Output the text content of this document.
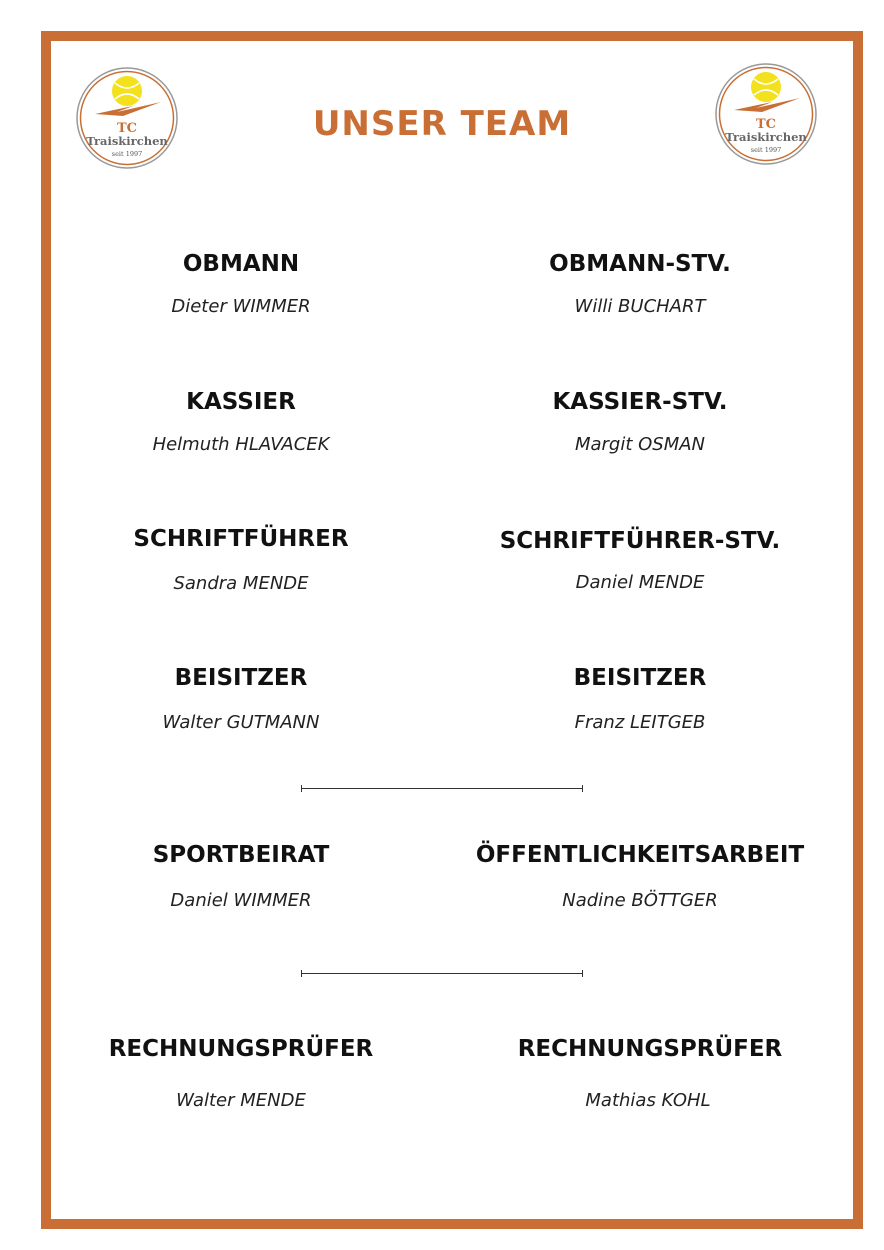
TC
Traiskirchen
seit 1997
TC
Traiskirchen
seit 1997
UNSER TEAM
OBMANN

Dieter WIMMER

OBMANN-STV.

Willi BUCHART

KASSIER

Helmuth HLAVACEK

KASSIER-STV.

Margit OSMAN

SCHRIFTFÜHRER

Sandra MENDE

SCHRIFTFÜHRER-STV.

Daniel MENDE

BEISITZER

Walter GUTMANN

BEISITZER

Franz LEITGEB

SPORTBEIRAT

Daniel WIMMER

ÖFFENTLICHKEITSARBEIT

Nadine BÖTTGER

RECHNUNGSPRÜFER

Walter MENDE

RECHNUNGSPRÜFER

Mathias KOHL
